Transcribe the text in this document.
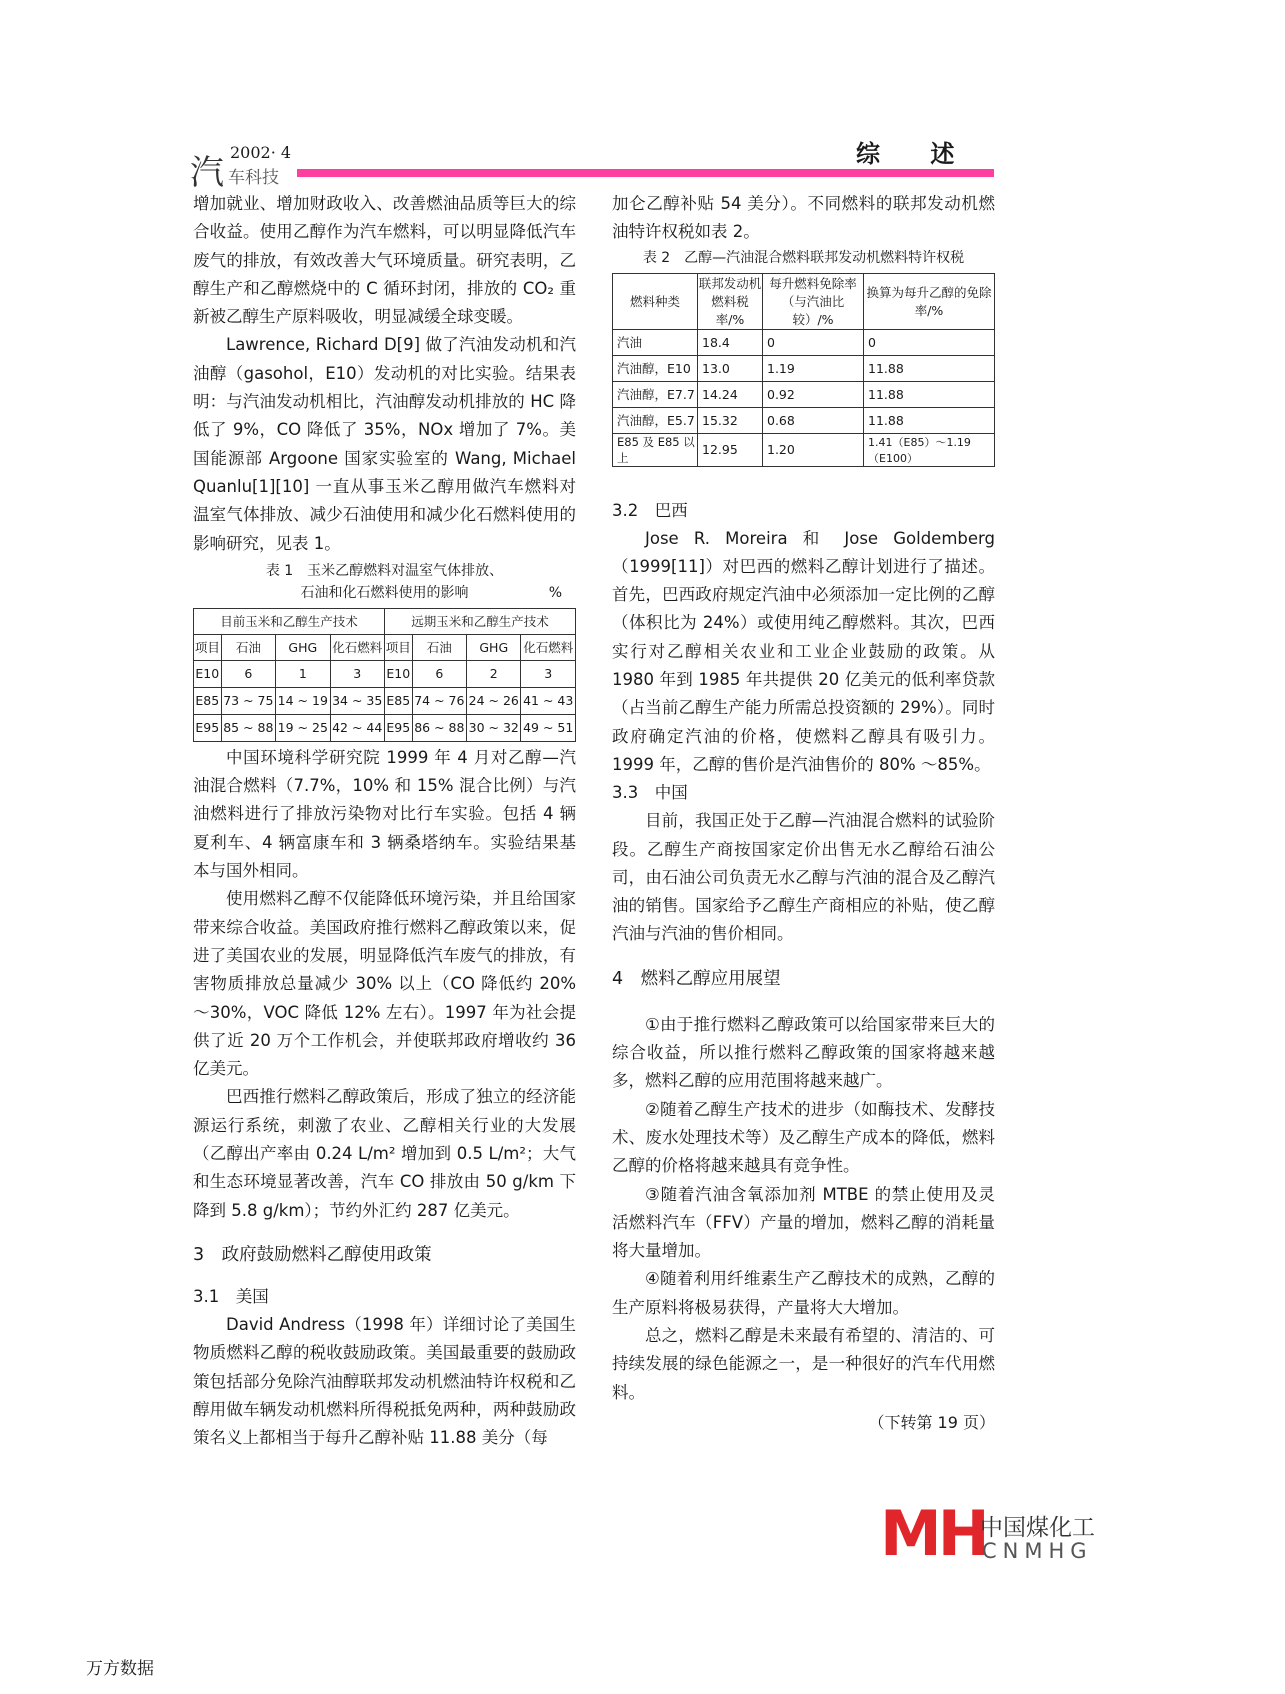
汽
2002· 4
车科技
综　 述

增加就业、增加财政收入、改善燃油品质等巨大的综合收益。使用乙醇作为汽车燃料，可以明显降低汽车废气的排放，有效改善大气环境质量。研究表明，乙醇生产和乙醇燃烧中的 C 循环封闭，排放的 CO₂ 重新被乙醇生产原料吸收，明显减缓全球变暖。

Lawrence, Richard D[9] 做了汽油发动机和汽油醇（gasohol，E10）发动机的对比实验。结果表明：与汽油发动机相比，汽油醇发动机排放的 HC 降低了 9%，CO 降低了 35%，NOx 增加了 7%。美国能源部 Argoone 国家实验室的 Wang, Michael Quanlu[1][10] 一直从事玉米乙醇用做汽车燃料对温室气体排放、减少石油使用和减少化石燃料使用的影响研究，见表 1。

表 1　玉米乙醇燃料对温室气体排放、
石油和化石燃料使用的影响	%
目前玉米和乙醇生产技术				远期玉米和乙醇生产技术			
项目	石油	GHG	化石燃料	项目	石油	GHG	化石燃料
E10	6	1	3	E10	6	2	3
E85	73 ~ 75	14 ~ 19	34 ~ 35	E85	74 ~ 76	24 ~ 26	41 ~ 43
E95	85 ~ 88	19 ~ 25	42 ~ 44	E95	86 ~ 88	30 ~ 32	49 ~ 51

中国环境科学研究院 1999 年 4 月对乙醇—汽油混合燃料（7.7%，10% 和 15% 混合比例）与汽油燃料进行了排放污染物对比行车实验。包括 4 辆夏利车、4 辆富康车和 3 辆桑塔纳车。实验结果基本与国外相同。

使用燃料乙醇不仅能降低环境污染，并且给国家带来综合收益。美国政府推行燃料乙醇政策以来，促进了美国农业的发展，明显降低汽车废气的排放，有害物质排放总量减少 30% 以上（CO 降低约 20% ～30%，VOC 降低 12% 左右）。1997 年为社会提供了近 20 万个工作机会，并使联邦政府增收约 36 亿美元。

巴西推行燃料乙醇政策后，形成了独立的经济能源运行系统，刺激了农业、乙醇相关行业的大发展（乙醇出产率由 0.24 L/m² 增加到 0.5 L/m²；大气和生态环境显著改善，汽车 CO 排放由 50 g/km 下降到 5.8 g/km）；节约外汇约 287 亿美元。

3　政府鼓励燃料乙醇使用政策
3.1　美国

David Andress（1998 年）详细讨论了美国生物质燃料乙醇的税收鼓励政策。美国最重要的鼓励政策包括部分免除汽油醇联邦发动机燃油特许权税和乙醇用做车辆发动机燃料所得税抵免两种，两种鼓励政策名义上都相当于每升乙醇补贴 11.88 美分（每

加仑乙醇补贴 54 美分）。不同燃料的联邦发动机燃油特许权税如表 2。

表 2　乙醇—汽油混合燃料联邦发动机燃料特许权税
燃料种类	联邦发动机燃料税率/%	每升燃料免除率（与汽油比较）/%	换算为每升乙醇的免除率/%
汽油	18.4	0	0
汽油醇，E10	13.0	1.19	11.88
汽油醇，E7.7	14.24	0.92	11.88
汽油醇，E5.7	15.32	0.68	11.88
E85 及 E85 以上	12.95	1.20	1.41（E85）～1.19（E100）
3.2　巴西

Jose R. Moreira 和 Jose Goldemberg（1999[11]）对巴西的燃料乙醇计划进行了描述。首先，巴西政府规定汽油中必须添加一定比例的乙醇（体积比为 24%）或使用纯乙醇燃料。其次，巴西实行对乙醇相关农业和工业企业鼓励的政策。从 1980 年到 1985 年共提供 20 亿美元的低利率贷款（占当前乙醇生产能力所需总投资额的 29%）。同时政府确定汽油的价格，使燃料乙醇具有吸引力。1999 年，乙醇的售价是汽油售价的 80% ～85%。

3.3　中国

目前，我国正处于乙醇—汽油混合燃料的试验阶段。乙醇生产商按国家定价出售无水乙醇给石油公司，由石油公司负责无水乙醇与汽油的混合及乙醇汽油的销售。国家给予乙醇生产商相应的补贴，使乙醇汽油与汽油的售价相同。

4　燃料乙醇应用展望

①由于推行燃料乙醇政策可以给国家带来巨大的综合收益，所以推行燃料乙醇政策的国家将越来越多，燃料乙醇的应用范围将越来越广。

②随着乙醇生产技术的进步（如酶技术、发酵技术、废水处理技术等）及乙醇生产成本的降低，燃料乙醇的价格将越来越具有竞争性。

③随着汽油含氧添加剂 MTBE 的禁止使用及灵活燃料汽车（FFV）产量的增加，燃料乙醇的消耗量将大量增加。

④随着利用纤维素生产乙醇技术的成熟，乙醇的生产原料将极易获得，产量将大大增加。

总之，燃料乙醇是未来最有希望的、清洁的、可持续发展的绿色能源之一，是一种很好的汽车代用燃料。

（下转第 19 页）
MH
中国煤化工
CNMHG
万方数据
